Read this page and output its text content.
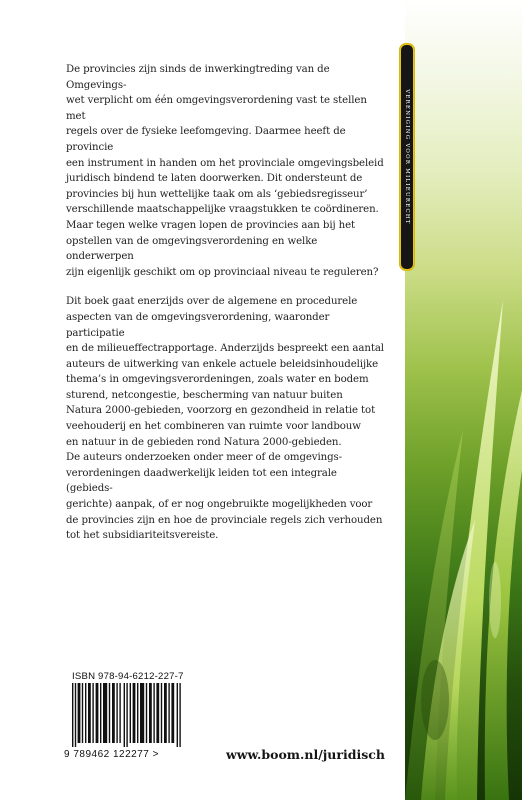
De provincies zijn sinds de inwerkingtreding van de Omgevings-
wet verplicht om één omgevingsverordening vast te stellen met
regels over de fysieke leefomgeving. Daarmee heeft de provincie
een instrument in handen om het provinciale omgevingsbeleid
juridisch bindend te laten doorwerken. Dit ondersteunt de
provincies bij hun wettelijke taak om als ‘gebiedsregisseur’
verschillende maatschappelijke vraagstukken te coördineren.
Maar tegen welke vragen lopen de provincies aan bij het
opstellen van de omgevingsverordening en welke onderwerpen
zijn eigenlijk geschikt om op provinciaal niveau te reguleren?

Dit boek gaat enerzijds over de algemene en procedurele
aspecten van de omgevingsverordening, waaronder participatie
en de milieueffectrapportage. Anderzijds bespreekt een aantal
auteurs de uitwerking van enkele actuele beleidsinhoudelijke
thema’s in omgevingsverordeningen, zoals water en bodem
sturend, netcongestie, bescherming van natuur buiten
Natura 2000-gebieden, voorzorg en gezondheid in relatie tot
veehouderij en het combineren van ruimte voor landbouw
en natuur in de gebieden rond Natura 2000-gebieden.
De auteurs onderzoeken onder meer of de omgevings-
verordeningen daadwerkelijk leiden tot een integrale (gebieds-
gerichte) aanpak, of er nog ongebruikte mogelijkheden voor
de provincies zijn en hoe de provinciale regels zich verhouden
tot het subsidiariteitsvereiste.

VERENIGING VOOR MILIEURECHT
ISBN 978-94-6212-227-7
9 789462 122277 >	www.boom.nl/juridisch
